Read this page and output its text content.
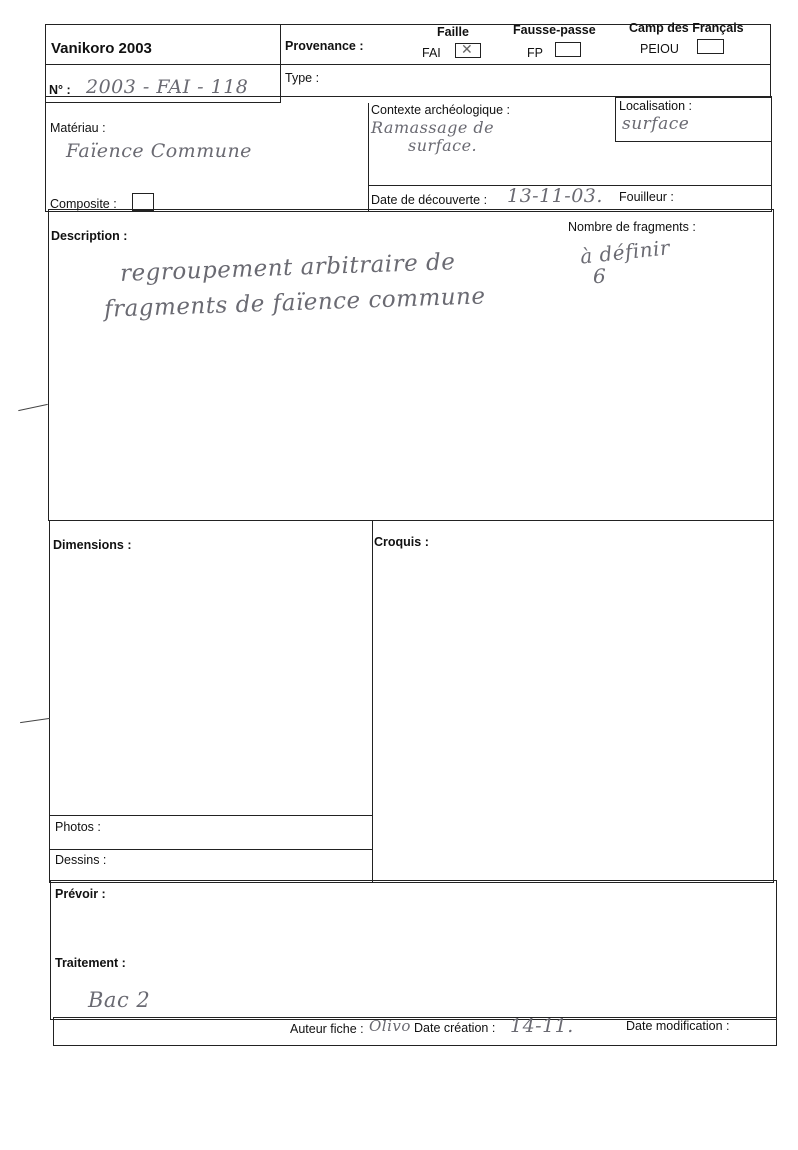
Vanikoro 2003	Provenance :
Faille
FAI ✕
Fausse-passe
FP
Camp des Français
PEIOU
N° : 2003 - FAI - 118	Type :
Matériau :
Faïence Commune
Composite :
Contexte archéologique :
Ramassage de
surface.
Localisation :
surface
Date de découverte : 13-11-03. Fouilleur :
Description :
regroupement arbitraire de
fragments de faïence commune
Nombre de fragments :
à définir
6
Dimensions :	Croquis :
Photos :
Dessins :
Prévoir :
Traitement :
Bac 2
Auteur fiche : Olivo Date création : 14-11.	Date modification :
